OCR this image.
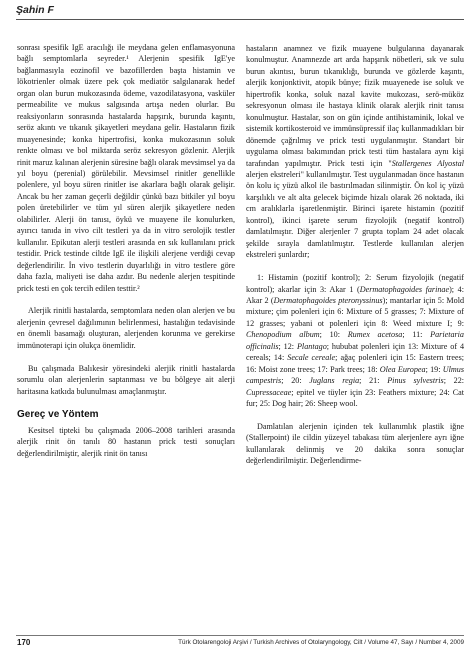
Şahin F

sonrası spesifik IgE aracılığı ile meydana gelen enflamasyonuna bağlı semptomlarla seyreder.¹ Alerjenin spesifik IgE'ye bağlanmasıyla eozinofil ve bazofillerden başta histamin ve lökotrienler olmak üzere pek çok mediatör salgılanarak hedef organ olan burun mukozasında ödeme, vazodilatasyona, vasküler permeabilite ve mukus salgısında artışa neden olurlar. Bu reaksiyonların sonrasında hastalarda hapşırık, burunda kaşıntı, seröz akıntı ve tıkanık şikayetleri meydana gelir. Hastaların fizik muayenesinde; konka hipertrofisi, konka mukozasının soluk renkte olması ve bol miktarda seröz sekresyon gözlenir. Alerjik rinit maruz kalınan alerjenin süresine bağlı olarak mevsimsel ya da yıl boyu (perenial) görülebilir. Mevsimsel rinitler genellikle polenlere, yıl boyu süren rinitler ise akarlara bağlı olarak gelişir. Ancak bu her zaman geçerli değildir çünkü bazı bitkiler yıl boyu polen üretebilirler ve tüm yıl süren alerjik şikayetlere neden olabilirler. Alerji ön tanısı, öykü ve muayene ile konulurken, ayırıcı tanıda in vivo cilt testleri ya da in vitro serolojik testler kullanılır. Epikutan alerji testleri arasında en sık kullanılanı prick testidir. Prick testinde ciltde IgE ile ilişkili alerjene verdiği cevap değerlendirilir. İn vivo testlerin duyarlılığı in vitro testlere göre daha fazla, maliyeti ise daha azdır. Bu nedenle alerjen tespitinde prick testi en çok tercih edilen testtir.²

Alerjik rinitli hastalarda, semptomlara neden olan alerjen ve bu alerjenin çevresel dağılımının belirlenmesi, hastalığın tedavisinde en önemli basamağı oluşturan, alerjenden korunma ve gerekirse immünoterapi için olukça önemlidir.

Bu çalışmada Balıkesir yöresindeki alerjik rinitli hastalarda sorumlu olan alerjenlerin saptanması ve bu bölgeye ait alerji haritasına katkıda bulunulması amaçlanmıştır.

Gereç ve Yöntem

Kesitsel tipteki bu çalışmada 2006–2008 tarihleri arasında alerjik rinit ön tanılı 80 hastanın prick testi sonuçları değerlendirilmiştir, alerjik rinit ön tanısı

hastaların anamnez ve fizik muayene bulgularına dayanarak konulmuştur. Anamnezde art arda hapşırık nöbetleri, sık ve sulu burun akıntısı, burun tıkanıklığı, burunda ve gözlerde kaşıntı, alerjik konjonktivit, atopik bünye; fizik muayenede ise soluk ve hipertrofik konka, soluk nazal kavite mukozası, serö-müköz sekresyonun olması ile hastaya klinik olarak alerjik rinit tanısı konulmuştur. Hastalar, son on gün içinde antihistaminik, lokal ve sistemik kortikosteroid ve immünsüpressif ilaç kullanmadıkları bir dönemde çağrılmış ve prick testi uygulanmıştır. Standart bir uygulama olması bakımından prick testi tüm hastalara aynı kişi tarafından yapılmıştır. Prick testi için "Stallergenes Alyostal alerjen ekstreleri" kullanılmıştır. Test uygulanmadan önce hastanın ön kolu iç yüzü alkol ile bastırılmadan silinmiştir. Ön kol iç yüzü karşılıklı ve alt alta gelecek biçimde hizalı olarak 26 noktada, iki cm aralıklarla işaretlenmiştir. Birinci işarete histamin (pozitif kontrol), ikinci işarete serum fizyolojik (negatif kontrol) damlatılmıştır. Diğer alerjenler 7 grupta toplam 24 adet olacak şekilde sırayla damlatılmıştır. Testlerde kullanılan alerjen ekstreleri şunlardır;

1: Histamin (pozitif kontrol); 2: Serum fizyolojik (negatif kontrol); akarlar için 3: Akar 1 (Dermatophagoides farinae); 4: Akar 2 (Dermatophagoides pteronyssinus); mantarlar için 5: Mold mixture; çim polenleri için 6: Mixture of 5 grasses; 7: Mixture of 12 grasses; yabani ot polenleri için 8: Weed mixture I; 9: Chenopodium album; 10: Rumex acetosa; 11: Parietaria officinalis; 12: Plantago; hububat polenleri için 13: Mixture of 4 cereals; 14: Secale cereale; ağaç polenleri için 15: Eastern trees; 16: Moist zone trees; 17: Park trees; 18: Olea Europea; 19: Ulmus campestris; 20: Juglans regia; 21: Pinus sylvestris; 22: Cupressaceae; epitel ve tüyler için 23: Feathers mixture; 24: Cat fur; 25: Dog hair; 26: Sheep wool.

Damlatılan alerjenin içinden tek kullanımlık plastik iğne (Stallerpoint) ile cildin yüzeyel tabakası tüm alerjenlere ayrı iğne kullanılarak delinmiş ve 20 dakika sonra sonuçlar değerlendirilmiştir. Değerlendirme-

170	Türk Otolarengoloji Arşivi / Turkish Archives of Otolaryngology, Cilt / Volume 47, Sayı / Number 4, 2009
